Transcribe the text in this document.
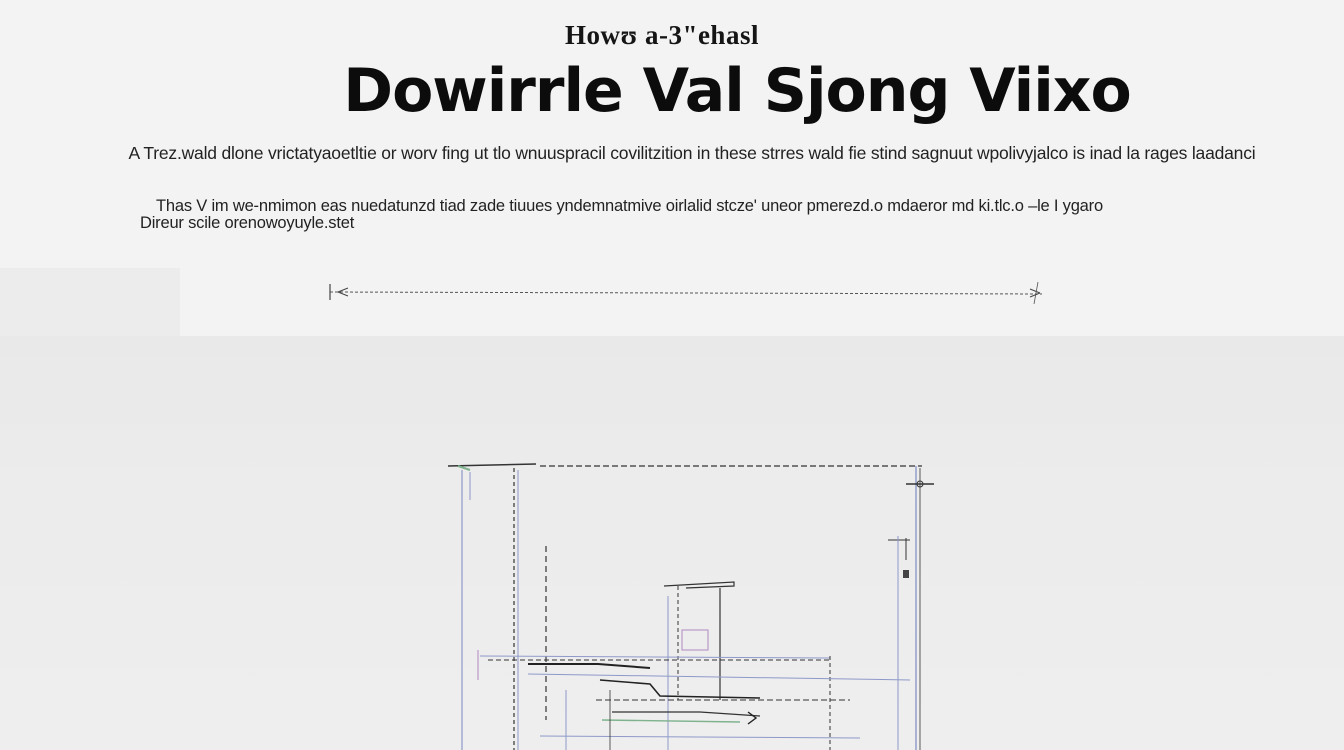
Howʊ a-3"ehasl
Dowirrle Val Sjong Viixo
A Trez.wald dlone vrictatyaoetltie or worv fing ut tlo wnuuspracil covilitzition in these strres wald fie stind sagnuut wpolivyjalco is inad la rages laadanci
Thas V im we-nmimon eas nuedatunzd tiad zade tiuues yndemnatmive oirlalid stcze' uneor pmerezd.o mdaeror md ki.tlc.o –le I ygaro
Direur scile orenowoyuyle.stet
